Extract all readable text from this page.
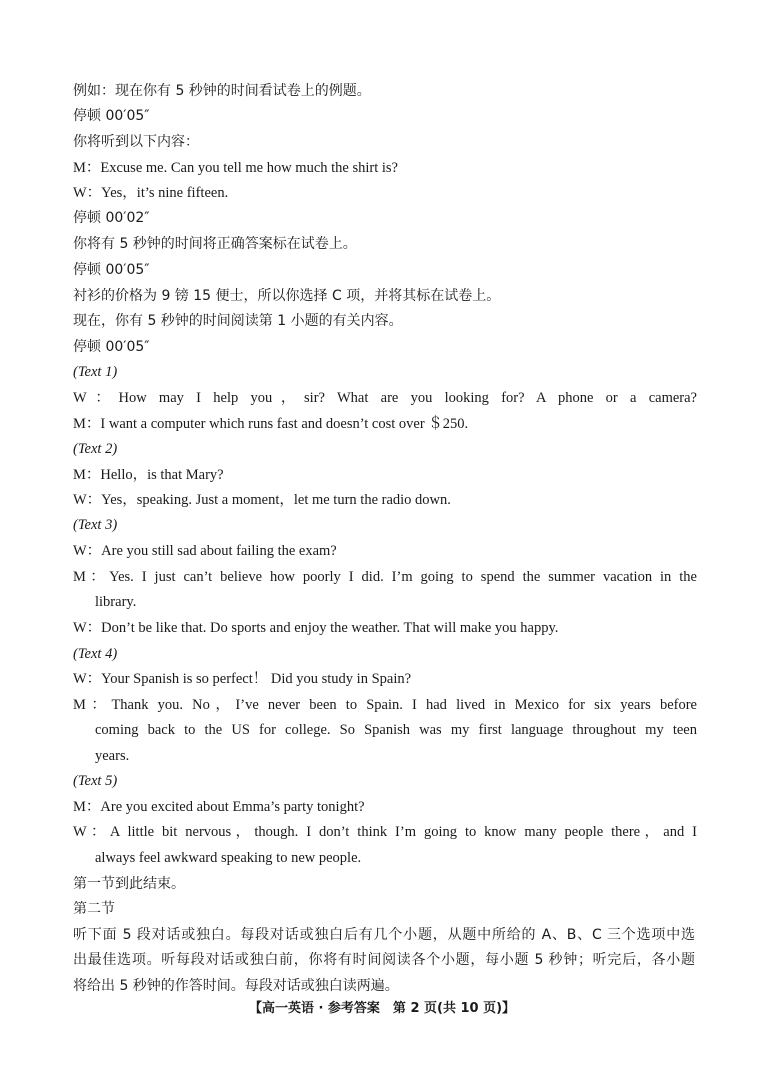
例如：现在你有 5 秒钟的时间看试卷上的例题。
停顿 00′05″
你将听到以下内容：
M：Excuse me. Can you tell me how much the shirt is?
W：Yes，it’s nine fifteen.
停顿 00′02″
你将有 5 秒钟的时间将正确答案标在试卷上。
停顿 00′05″
衬衫的价格为 9 镑 15 便士，所以你选择 C 项，并将其标在试卷上。
现在，你有 5 秒钟的时间阅读第 1 小题的有关内容。
停顿 00′05″
(Text 1)
W：How may I help you，sir? What are you looking for? A phone or a camera?
M：I want a computer which runs fast and doesn’t cost over ＄250.
(Text 2)
M：Hello，is that Mary?
W：Yes，speaking. Just a moment，let me turn the radio down.
(Text 3)
W：Are you still sad about failing the exam?
M：Yes. I just can’t believe how poorly I did. I’m going to spend the summer vacation in the
library.
W：Don’t be like that. Do sports and enjoy the weather. That will make you happy.
(Text 4)
W：Your Spanish is so perfect！ Did you study in Spain?
M：Thank you. No，I’ve never been to Spain. I had lived in Mexico for six years before
coming back to the US for college. So Spanish was my first language throughout my teen
years.
(Text 5)
M：Are you excited about Emma’s party tonight?
W：A little bit nervous，though. I don’t think I’m going to know many people there，and I
always feel awkward speaking to new people.
第一节到此结束。
第二节
听下面 5 段对话或独白。每段对话或独白后有几个小题，从题中所给的 A、B、C 三个选项中选
出最佳选项。听每段对话或独白前，你将有时间阅读各个小题，每小题 5 秒钟；听完后，各小题
将给出 5 秒钟的作答时间。每段对话或独白读两遍。
【高一英语 · 参考答案　第 2 页(共 10 页)】
